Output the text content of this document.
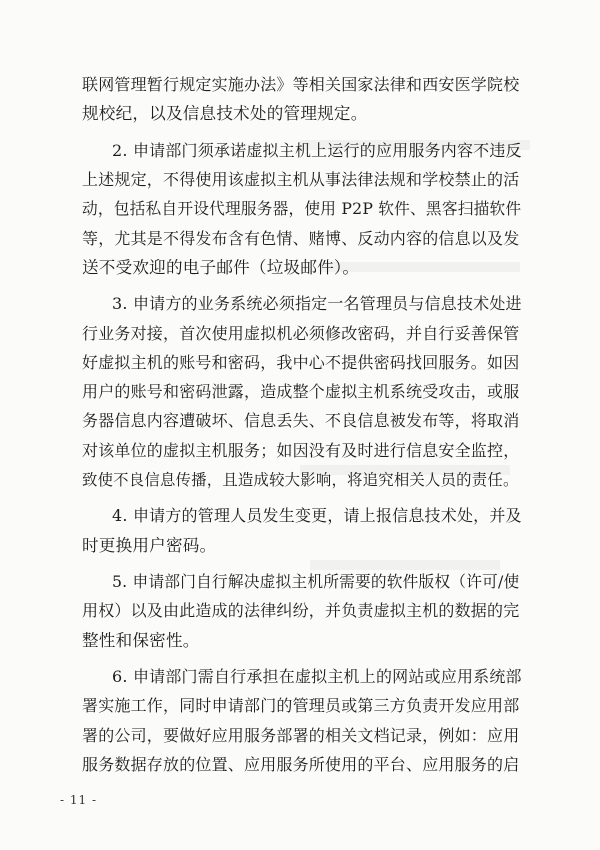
联网管理暂行规定实施办法》等相关国家法律和西安医学院校
规校纪，以及信息技术处的管理规定。
2. 申请部门须承诺虚拟主机上运行的应用服务内容不违反
上述规定，不得使用该虚拟主机从事法律法规和学校禁止的活
动，包括私自开设代理服务器，使用 P2P 软件、黑客扫描软件
等，尤其是不得发布含有色情、赌博、反动内容的信息以及发
送不受欢迎的电子邮件（垃圾邮件）。
3. 申请方的业务系统必须指定一名管理员与信息技术处进
行业务对接，首次使用虚拟机必须修改密码，并自行妥善保管
好虚拟主机的账号和密码，我中心不提供密码找回服务。如因
用户的账号和密码泄露，造成整个虚拟主机系统受攻击，或服
务器信息内容遭破坏、信息丢失、不良信息被发布等，将取消
对该单位的虚拟主机服务；如因没有及时进行信息安全监控，
致使不良信息传播，且造成较大影响，将追究相关人员的责任。
4. 申请方的管理人员发生变更，请上报信息技术处，并及
时更换用户密码。
5. 申请部门自行解决虚拟主机所需要的软件版权（许可/使
用权）以及由此造成的法律纠纷，并负责虚拟主机的数据的完
整性和保密性。
6. 申请部门需自行承担在虚拟主机上的网站或应用系统部
署实施工作，同时申请部门的管理员或第三方负责开发应用部
署的公司，要做好应用服务部署的相关文档记录，例如：应用
服务数据存放的位置、应用服务所使用的平台、应用服务的启
- 11 -
